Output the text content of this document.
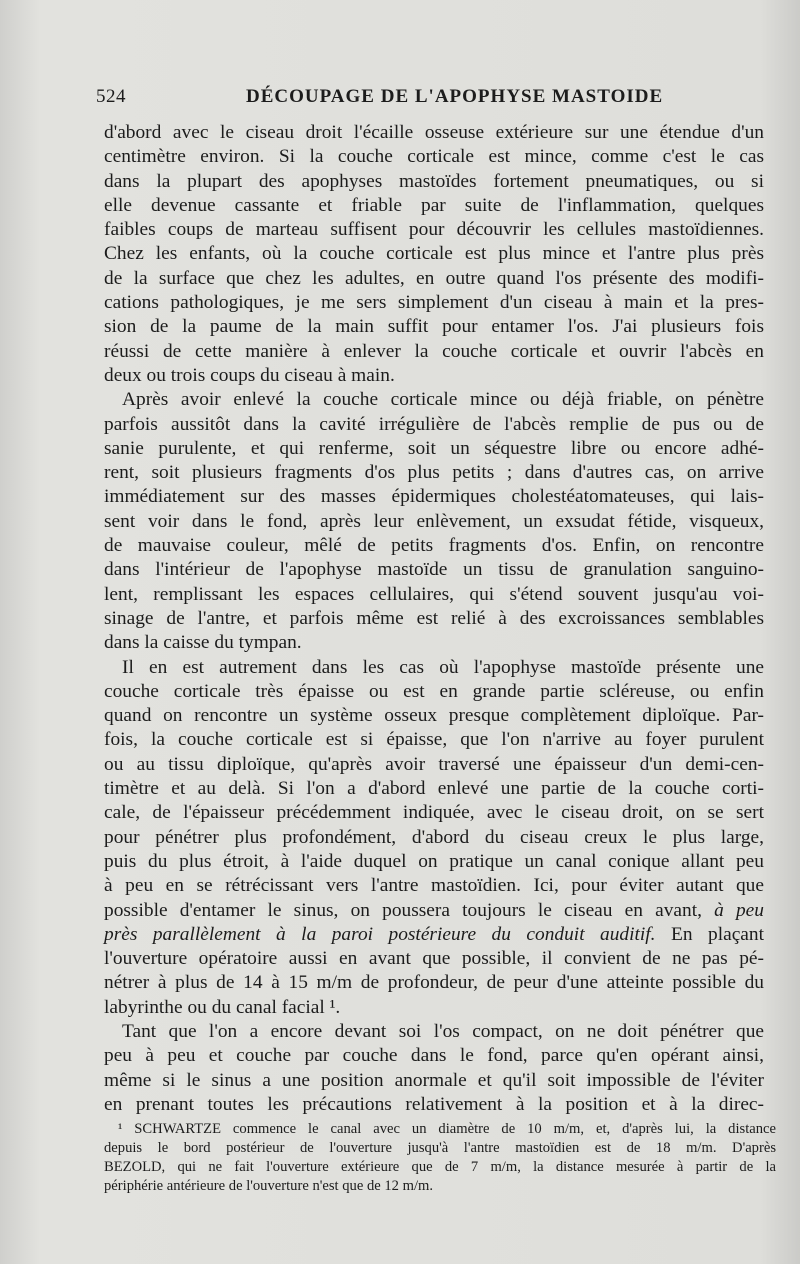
524	DÉCOUPAGE DE L'APOPHYSE MASTOIDE
d'abord avec le ciseau droit l'écaille osseuse extérieure sur une étendue d'un
centimètre environ. Si la couche corticale est mince, comme c'est le cas
dans la plupart des apophyses mastoïdes fortement pneumatiques, ou si
elle devenue cassante et friable par suite de l'inflammation, quelques
faibles coups de marteau suffisent pour découvrir les cellules mastoïdiennes.
Chez les enfants, où la couche corticale est plus mince et l'antre plus près
de la surface que chez les adultes, en outre quand l'os présente des modifi-
cations pathologiques, je me sers simplement d'un ciseau à main et la pres-
sion de la paume de la main suffit pour entamer l'os. J'ai plusieurs fois
réussi de cette manière à enlever la couche corticale et ouvrir l'abcès en
deux ou trois coups du ciseau à main.
Après avoir enlevé la couche corticale mince ou déjà friable, on pénètre
parfois aussitôt dans la cavité irrégulière de l'abcès remplie de pus ou de
sanie purulente, et qui renferme, soit un séquestre libre ou encore adhé-
rent, soit plusieurs fragments d'os plus petits ; dans d'autres cas, on arrive
immédiatement sur des masses épidermiques cholestéatomateuses, qui lais-
sent voir dans le fond, après leur enlèvement, un exsudat fétide, visqueux,
de mauvaise couleur, mêlé de petits fragments d'os. Enfin, on rencontre
dans l'intérieur de l'apophyse mastoïde un tissu de granulation sanguino-
lent, remplissant les espaces cellulaires, qui s'étend souvent jusqu'au voi-
sinage de l'antre, et parfois même est relié à des excroissances semblables
dans la caisse du tympan.
Il en est autrement dans les cas où l'apophyse mastoïde présente une
couche corticale très épaisse ou est en grande partie scléreuse, ou enfin
quand on rencontre un système osseux presque complètement diploïque. Par-
fois, la couche corticale est si épaisse, que l'on n'arrive au foyer purulent
ou au tissu diploïque, qu'après avoir traversé une épaisseur d'un demi-cen-
timètre et au delà. Si l'on a d'abord enlevé une partie de la couche corti-
cale, de l'épaisseur précédemment indiquée, avec le ciseau droit, on se sert
pour pénétrer plus profondément, d'abord du ciseau creux le plus large,
puis du plus étroit, à l'aide duquel on pratique un canal conique allant peu
à peu en se rétrécissant vers l'antre mastoïdien. Ici, pour éviter autant que
possible d'entamer le sinus, on poussera toujours le ciseau en avant, à peu
près parallèlement à la paroi postérieure du conduit auditif. En plaçant
l'ouverture opératoire aussi en avant que possible, il convient de ne pas pé-
nétrer à plus de 14 à 15 m/m de profondeur, de peur d'une atteinte possible du
labyrinthe ou du canal facial ¹.
Tant que l'on a encore devant soi l'os compact, on ne doit pénétrer que
peu à peu et couche par couche dans le fond, parce qu'en opérant ainsi,
même si le sinus a une position anormale et qu'il soit impossible de l'éviter
en prenant toutes les précautions relativement à la position et à la direc-
¹ SCHWARTZE commence le canal avec un diamètre de 10 m/m, et, d'après lui, la distance
depuis le bord postérieur de l'ouverture jusqu'à l'antre mastoïdien est de 18 m/m. D'après
BEZOLD, qui ne fait l'ouverture extérieure que de 7 m/m, la distance mesurée à partir de la
périphérie antérieure de l'ouverture n'est que de 12 m/m.
